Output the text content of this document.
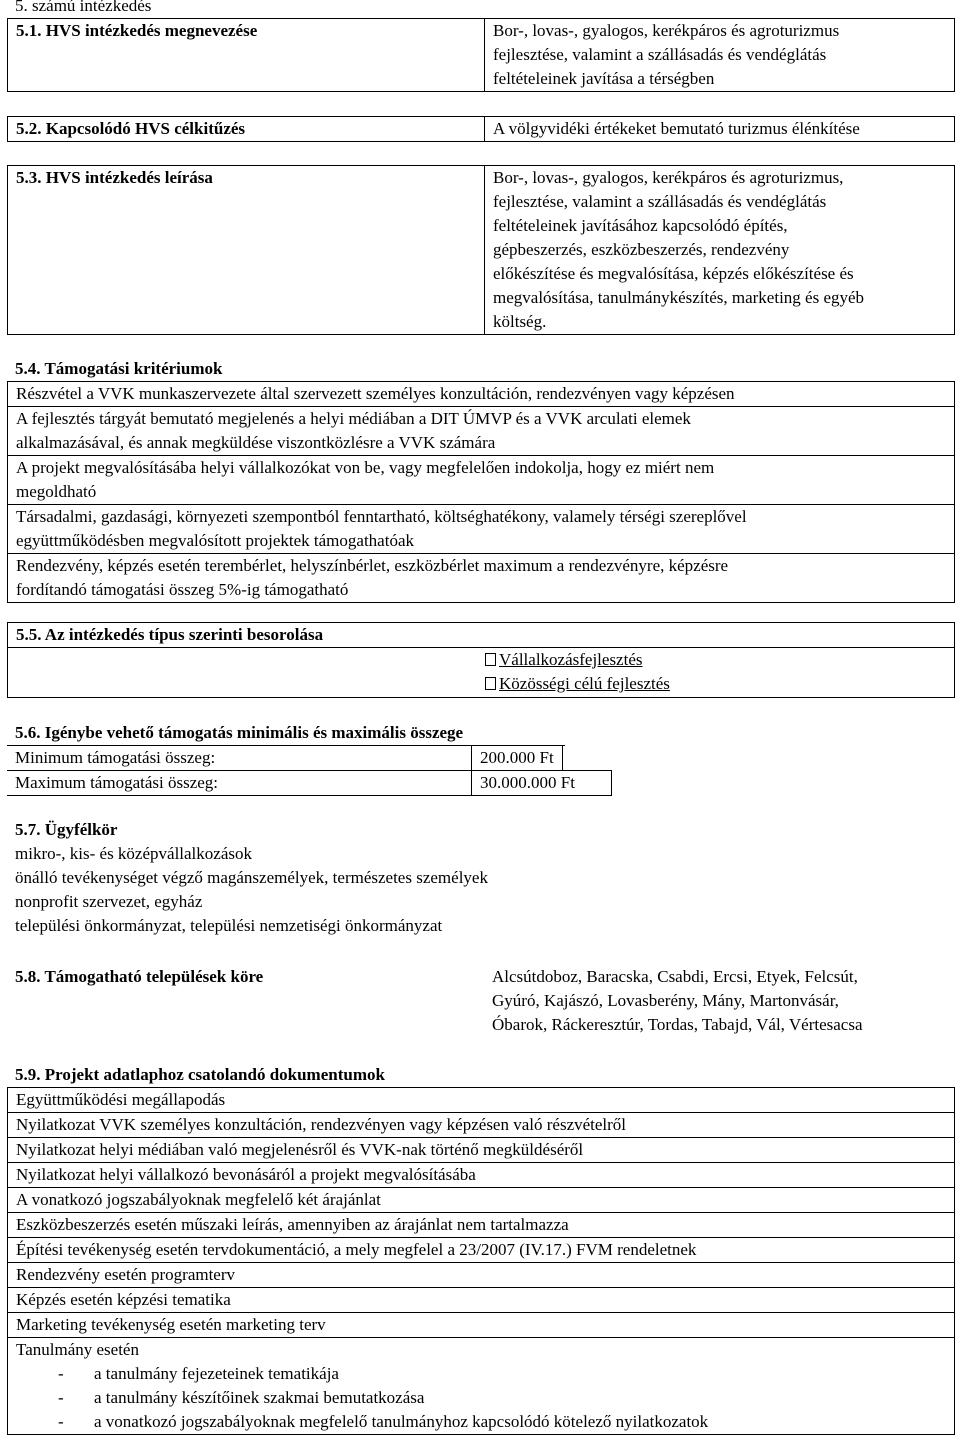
5. számú intézkedés
5.1. HVS intézkedés megnevezése	Bor-, lovas-, gyalogos, kerékpáros és agroturizmus
fejlesztése, valamint a szállásadás és vendéglátás
feltételeinek javítása a térségben
5.2. Kapcsolódó HVS célkitűzés	A völgyvidéki értékeket bemutató turizmus élénkítése
5.3. HVS intézkedés leírása	Bor-, lovas-, gyalogos, kerékpáros és agroturizmus,
fejlesztése, valamint a szállásadás és vendéglátás
feltételeinek javításához kapcsolódó építés,
gépbeszerzés, eszközbeszerzés, rendezvény
előkészítése és megvalósítása, képzés előkészítése és
megvalósítása, tanulmánykészítés, marketing és egyéb
költség.
5.4. Támogatási kritériumok
Részvétel a VVK munkaszervezete által szervezett személyes konzultáción, rendezvényen vagy képzésen
A fejlesztés tárgyát bemutató megjelenés a helyi médiában a DIT ÚMVP és a VVK arculati elemek
alkalmazásával, és annak megküldése viszontközlésre a VVK számára
A projekt megvalósításába helyi vállalkozókat von be, vagy megfelelően indokolja, hogy ez miért nem
megoldható
Társadalmi, gazdasági, környezeti szempontból fenntartható, költséghatékony, valamely térségi szereplővel
együttműködésben megvalósított projektek támogathatóak
Rendezvény, képzés esetén terembérlet, helyszínbérlet, eszközbérlet maximum a rendezvényre, képzésre
fordítandó támogatási összeg 5%-ig támogatható
5.5. Az intézkedés típus szerinti besorolása
Vállalkozásfejlesztés
Közösségi célú fejlesztés
5.6. Igénybe vehető támogatás minimális és maximális összege
Minimum támogatási összeg:	200.000 Ft
Maximum támogatási összeg:	30.000.000 Ft
5.7. Ügyfélkör
mikro-, kis- és középvállalkozások
önálló tevékenységet végző magánszemélyek, természetes személyek
nonprofit szervezet, egyház
települési önkormányzat, települési nemzetiségi önkormányzat
5.8. Támogatható települések köre	Alcsútdoboz, Baracska, Csabdi, Ercsi, Etyek, Felcsút,
Gyúró, Kajászó, Lovasberény, Mány, Martonvásár,
Óbarok, Ráckeresztúr, Tordas, Tabajd, Vál, Vértesacsa
5.9. Projekt adatlaphoz csatolandó dokumentumok
Együttműködési megállapodás
Nyilatkozat VVK személyes konzultáción, rendezvényen vagy képzésen való részvételről
Nyilatkozat helyi médiában való megjelenésről és VVK-nak történő megküldéséről
Nyilatkozat helyi vállalkozó bevonásáról a projekt megvalósításába
A vonatkozó jogszabályoknak megfelelő két árajánlat
Eszközbeszerzés esetén műszaki leírás, amennyiben az árajánlat nem tartalmazza
Építési tevékenység esetén tervdokumentáció, a mely megfelel a 23/2007 (IV.17.) FVM rendeletnek
Rendezvény esetén programterv
Képzés esetén képzési tematika
Marketing tevékenység esetén marketing terv
Tanulmány esetén
- a tanulmány fejezeteinek tematikája
- a tanulmány készítőinek szakmai bemutatkozása
- a vonatkozó jogszabályoknak megfelelő tanulmányhoz kapcsolódó kötelező nyilatkozatok
